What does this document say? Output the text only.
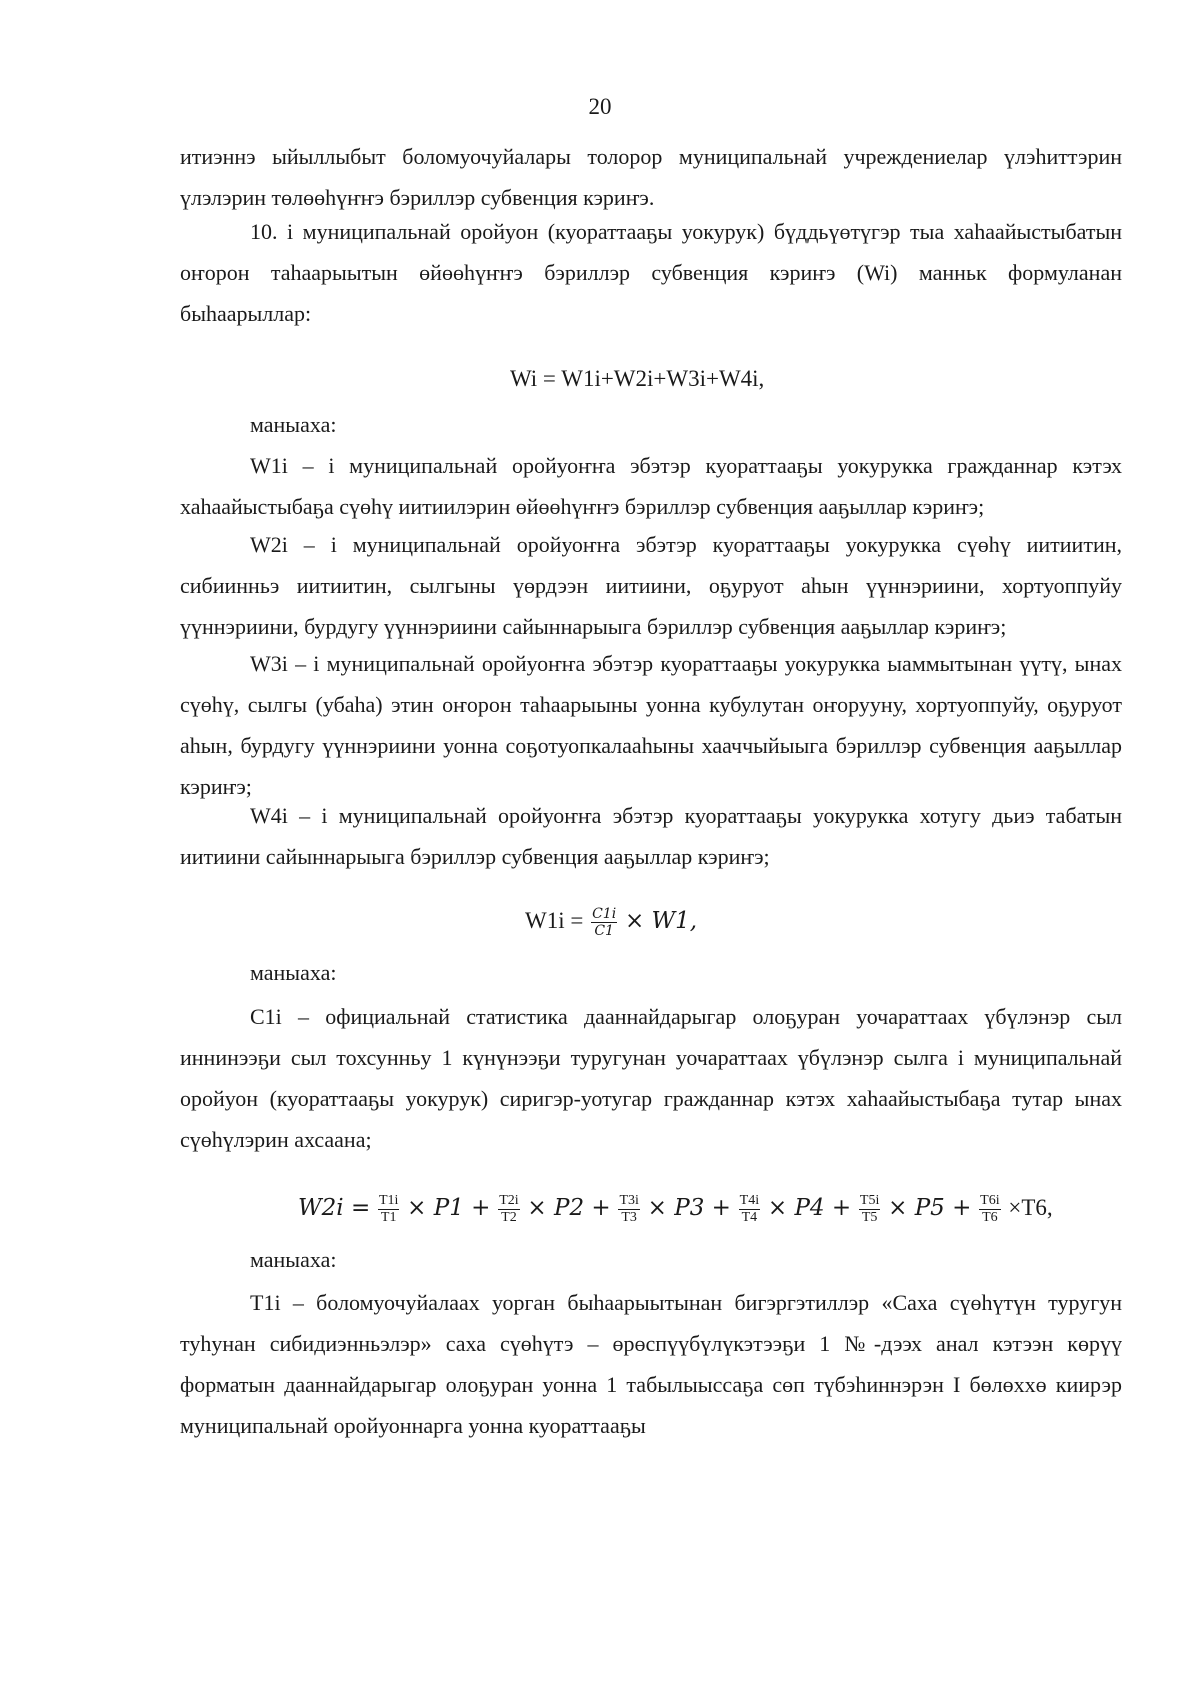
20

итиэннэ ыйыллыбыт боломуочуйалары толорор муниципальнай учреждениелар үлэһиттэрин үлэлэрин төлөөһүҥҥэ бэриллэр субвенция кэриҥэ.

10. i муниципальнай оройуон (куораттааҕы уокурук) бүддьүөтүгэр тыа хаһаайыстыбатын оҥорон таһаарыытын өйөөһүҥҥэ бэриллэр субвенция кэриҥэ (Wi) манньк формуланан быһаарыллар:

Wi = W1i+W2i+W3i+W4i,

маныаха:

W1i – i муниципальнай оройуоҥҥа эбэтэр куораттааҕы уокурукка гражданнар кэтэх хаһаайыстыбаҕа сүөһү иитиилэрин өйөөһүҥҥэ бэриллэр субвенция ааҕыллар кэриҥэ;

W2i – i муниципальнай оройуоҥҥа эбэтэр куораттааҕы уокурукка сүөһү иитиитин, сибиинньэ иитиитин, сылгыны үөрдээн иитиини, оҕуруот аһын үүннэриини, хортуоппуйу үүннэриини, бурдугу үүннэриини сайыннарыыга бэриллэр субвенция ааҕыллар кэриҥэ;

W3i – i муниципальнай оройуоҥҥа эбэтэр куораттааҕы уокурукка ыаммытынан үүтү, ынах сүөһү, сылгы (убаһа) этин оҥорон таһаарыыны уонна кубулутан оҥорууну, хортуоппуйу, оҕуруот аһын, бурдугу үүннэриини уонна соҕотуопкалааһыны хааччыйыыга бэриллэр субвенция ааҕыллар кэриҥэ;

W4i – i муниципальнай оройуоҥҥа эбэтэр куораттааҕы уокурукка хотугу дьиэ табатын иитиини сайыннарыыга бэриллэр субвенция ааҕыллар кэриҥэ;

$W1i = \frac{C1i}{C1} \times W1$,

маныаха:

C1i – официальнай статистика дааннайдарыгар олоҕуран уочараттаах үбүлэнэр сыл иннинээҕи сыл тохсунньу 1 күнүнээҕи туругунан уочараттаах үбүлэнэр сылга i муниципальнай оройуон (куораттааҕы уокурук) сиригэр-уотугар гражданнар кэтэх хаһаайыстыбаҕа тутар ынах сүөһүлэрин ахсаана;

$W2i = \frac{T1i}{T1} \times P1 + \frac{T2i}{T2} \times P2 + \frac{T3i}{T3} \times P3 + \frac{T4i}{T4} \times P4 + \frac{T5i}{T5} \times P5 + \frac{T6i}{T6} \times T6$,

маныаха:

T1i – боломуочуйалаах уорган быһаарыытынан бигэргэтиллэр «Саха сүөһүтүн туругун туһунан сибидиэнньэлэр» саха сүөһүтэ – өрөспүүбүлүкэтээҕи 1 №-дээх анал кэтээн көрүү форматын дааннайдарыгар олоҕуран уонна 1 табылыыссаҕа сөп түбэһиннэрэн I бөлөххө киирэр муниципальнай оройуоннарга уонна куораттааҕы
